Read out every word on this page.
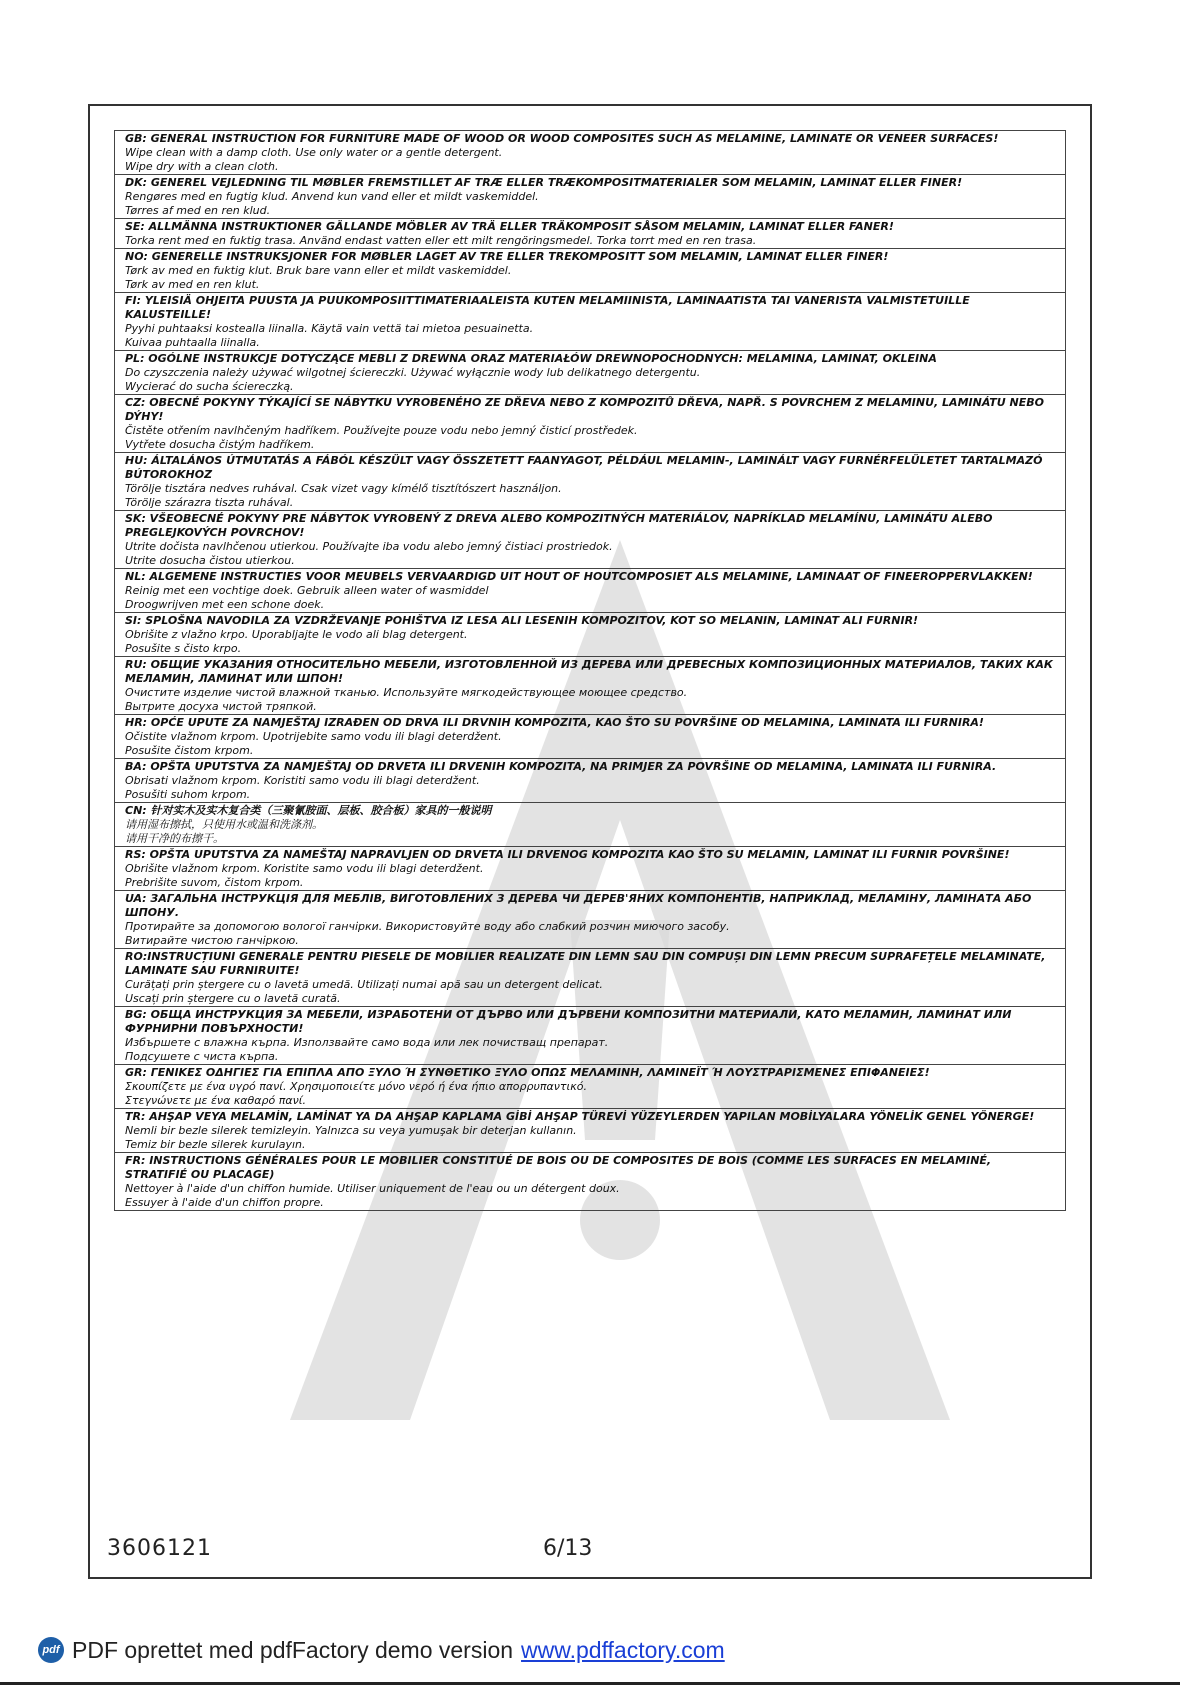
GB: GENERAL INSTRUCTION FOR FURNITURE MADE OF WOOD OR WOOD COMPOSITES SUCH AS MELAMINE, LAMINATE OR VENEER SURFACES!
Wipe clean with a damp cloth. Use only water or a gentle detergent.
Wipe dry with a clean cloth.
DK: GENEREL VEJLEDNING TIL MØBLER FREMSTILLET AF TRÆ ELLER TRÆKOMPOSITMATERIALER SOM MELAMIN, LAMINAT ELLER FINER!
Rengøres med en fugtig klud. Anvend kun vand eller et mildt vaskemiddel.
Tørres af med en ren klud.
SE: ALLMÄNNA INSTRUKTIONER GÄLLANDE MÖBLER AV TRÄ ELLER TRÄKOMPOSIT SÅSOM MELAMIN, LAMINAT ELLER FANER!
Torka rent med en fuktig trasa. Använd endast vatten eller ett milt rengöringsmedel. Torka torrt med en ren trasa.
NO: GENERELLE INSTRUKSJONER FOR MØBLER LAGET AV TRE ELLER TREKOMPOSITT SOM MELAMIN, LAMINAT ELLER FINER!
Tørk av med en fuktig klut. Bruk bare vann eller et mildt vaskemiddel.
Tørk av med en ren klut.
FI: YLEISIÄ OHJEITA PUUSTA JA PUUKOMPOSIITTIMATERIAALEISTA KUTEN MELAMIINISTA, LAMINAATISTA TAI VANERISTA VALMISTETUILLE KALUSTEILLE!
Pyyhi puhtaaksi kostealla liinalla. Käytä vain vettä tai mietoa pesuainetta.
Kuivaa puhtaalla liinalla.
PL: OGÓLNE INSTRUKCJE DOTYCZĄCE MEBLI Z DREWNA ORAZ MATERIAŁÓW DREWNOPOCHODNYCH: MELAMINA, LAMINAT, OKLEINA
Do czyszczenia należy używać wilgotnej ściereczki. Używać wyłącznie wody lub delikatnego detergentu.
Wycierać do sucha ściereczką.
CZ: OBECNÉ POKYNY TÝKAJÍCÍ SE NÁBYTKU VYROBENÉHO ZE DŘEVA NEBO Z KOMPOZITŮ DŘEVA, NAPŘ. S POVRCHEM Z MELAMINU, LAMINÁTU NEBO DÝHY!
Čistěte otřením navlhčeným hadříkem. Používejte pouze vodu nebo jemný čisticí prostředek.
Vytřete dosucha čistým hadříkem.
HU: ÁLTALÁNOS ÚTMUTATÁS A FÁBÓL KÉSZÜLT VAGY ÖSSZETETT FAANYAGOT, PÉLDÁUL MELAMIN-, LAMINÁLT VAGY FURNÉRFELÜLETET TARTALMAZÓ BÚTOROKHOZ
Törölje tisztára nedves ruhával. Csak vizet vagy kímélő tisztítószert használjon.
Törölje szárazra tiszta ruhával.
SK: VŠEOBECNÉ POKYNY PRE NÁBYTOK VYROBENÝ Z DREVA ALEBO KOMPOZITNÝCH MATERIÁLOV, NAPRÍKLAD MELAMÍNU, LAMINÁTU ALEBO PREGLEJKOVÝCH POVRCHOV!
Utrite dočista navlhčenou utierkou. Používajte iba vodu alebo jemný čistiaci prostriedok.
Utrite dosucha čistou utierkou.
NL: ALGEMENE INSTRUCTIES VOOR MEUBELS VERVAARDIGD UIT HOUT OF HOUTCOMPOSIET ALS MELAMINE, LAMINAAT OF FINEEROPPERVLAKKEN!
Reinig met een vochtige doek. Gebruik alleen water of wasmiddel
Droogwrijven met een schone doek.
SI: SPLOŠNA NAVODILA ZA VZDRŽEVANJE POHIŠTVA IZ LESA ALI LESENIH KOMPOZITOV, KOT SO MELANIN, LAMINAT ALI FURNIR!
Obrišite z vlažno krpo. Uporabljajte le vodo ali blag detergent.
Posušite s čisto krpo.
RU: ОБЩИЕ УКАЗАНИЯ ОТНОСИТЕЛЬНО МЕБЕЛИ, ИЗГОТОВЛЕННОЙ ИЗ ДЕРЕВА ИЛИ ДРЕВЕСНЫХ КОМПОЗИЦИОННЫХ МАТЕРИАЛОВ, ТАКИХ КАК МЕЛАМИН, ЛАМИНАТ ИЛИ ШПОН!
Очистите изделие чистой влажной тканью. Используйте мягкодействующее моющее средство.
Вытрите досуха чистой тряпкой.
HR: OPĆE UPUTE ZA NAMJEŠTAJ IZRAĐEN OD DRVA ILI DRVNIH KOMPOZITA, KAO ŠTO SU POVRŠINE OD MELAMINA, LAMINATA ILI FURNIRA!
Očistite vlažnom krpom. Upotrijebite samo vodu ili blagi deterdžent.
Posušite čistom krpom.
BA: OPŠTA UPUTSTVA ZA NAMJEŠTAJ OD DRVETA ILI DRVENIH KOMPOZITA, NA PRIMJER ZA POVRŠINE OD MELAMINA, LAMINATA ILI FURNIRA.
Obrisati vlažnom krpom. Koristiti samo vodu ili blagi deterdžent.
Posušiti suhom krpom.
CN: 针对实木及实木复合类（三聚氰胺面、层板、胶合板）家具的一般说明
请用湿布擦拭，只使用水或温和洗涤剂。
请用干净的布擦干。
RS: OPŠTA UPUTSTVA ZA NAMEŠTAJ NAPRAVLJEN OD DRVETA ILI DRVENOG KOMPOZITA KAO ŠTO SU MELAMIN, LAMINAT ILI FURNIR POVRŠINE!
Obrišite vlažnom krpom. Koristite samo vodu ili blagi deterdžent.
Prebrišite suvom, čistom krpom.
UA: ЗАГАЛЬНА ІНСТРУКЦІЯ ДЛЯ МЕБЛІВ, ВИГОТОВЛЕНИХ З ДЕРЕВА ЧИ ДЕРЕВ'ЯНИХ КОМПОНЕНТІВ, НАПРИКЛАД, МЕЛАМІНУ, ЛАМІНАТА АБО ШПОНУ.
Протирайте за допомогою вологої ганчірки. Використовуйте воду або слабкий розчин миючого засобу.
Витирайте чистою ганчіркою.
RO:INSTRUCȚIUNI GENERALE PENTRU PIESELE DE MOBILIER REALIZATE DIN LEMN SAU DIN COMPUȘI DIN LEMN PRECUM SUPRAFEȚELE MELAMINATE, LAMINATE SAU FURNIRUITE!
Curățați prin ștergere cu o lavetă umedă. Utilizați numai apă sau un detergent delicat.
Uscați prin ștergere cu o lavetă curată.
BG: ОБЩА ИНСТРУКЦИЯ ЗА МЕБЕЛИ, ИЗРАБОТЕНИ ОТ ДЪРВО ИЛИ ДЪРВЕНИ КОМПОЗИТНИ МАТЕРИАЛИ, КАТО МЕЛАМИН, ЛАМИНАТ ИЛИ ФУРНИРНИ ПОВЪРХНОСТИ!
Избършете с влажна кърпа. Използвайте само вода или лек почистващ препарат.
Подсушете с чиста кърпа.
GR: ΓΕΝΙΚΕΣ ΟΔΗΓΙΕΣ ΓΙΑ ΕΠΙΠΛΑ ΑΠΟ ΞΥΛΟ Ή ΣΥΝΘΕΤΙΚΟ ΞΥΛΟ ΟΠΩΣ ΜΕΛΑΜΙΝΗ, ΛΑΜΙΝΕΪΤ Ή ΛΟΥΣΤΡΑΡΙΣΜΕΝΕΣ ΕΠΙΦΑΝΕΙΕΣ!
Σκουπίζετε με ένα υγρό πανί. Χρησιμοποιείτε μόνο νερό ή ένα ήπιο απορρυπαντικό.
Στεγνώνετε με ένα καθαρό πανί.
TR: AHŞAP VEYA MELAMİN, LAMİNAT YA DA AHŞAP KAPLAMA GİBİ AHŞAP TÜREVİ YÜZEYLERDEN YAPILAN MOBİLYALARA YÖNELİK GENEL YÖNERGE!
Nemli bir bezle silerek temizleyin. Yalnızca su veya yumuşak bir deterjan kullanın.
Temiz bir bezle silerek kurulayın.
FR: INSTRUCTIONS GÉNÉRALES POUR LE MOBILIER CONSTITUÉ DE BOIS OU DE COMPOSITES DE BOIS (COMME LES SURFACES EN MELAMINÉ, STRATIFIÉ OU PLACAGE)
Nettoyer à l'aide d'un chiffon humide. Utiliser uniquement de l'eau ou un détergent doux.
Essuyer à l'aide d'un chiffon propre.
3606121	6/13
pdf PDF oprettet med pdfFactory demo version www.pdffactory.com
